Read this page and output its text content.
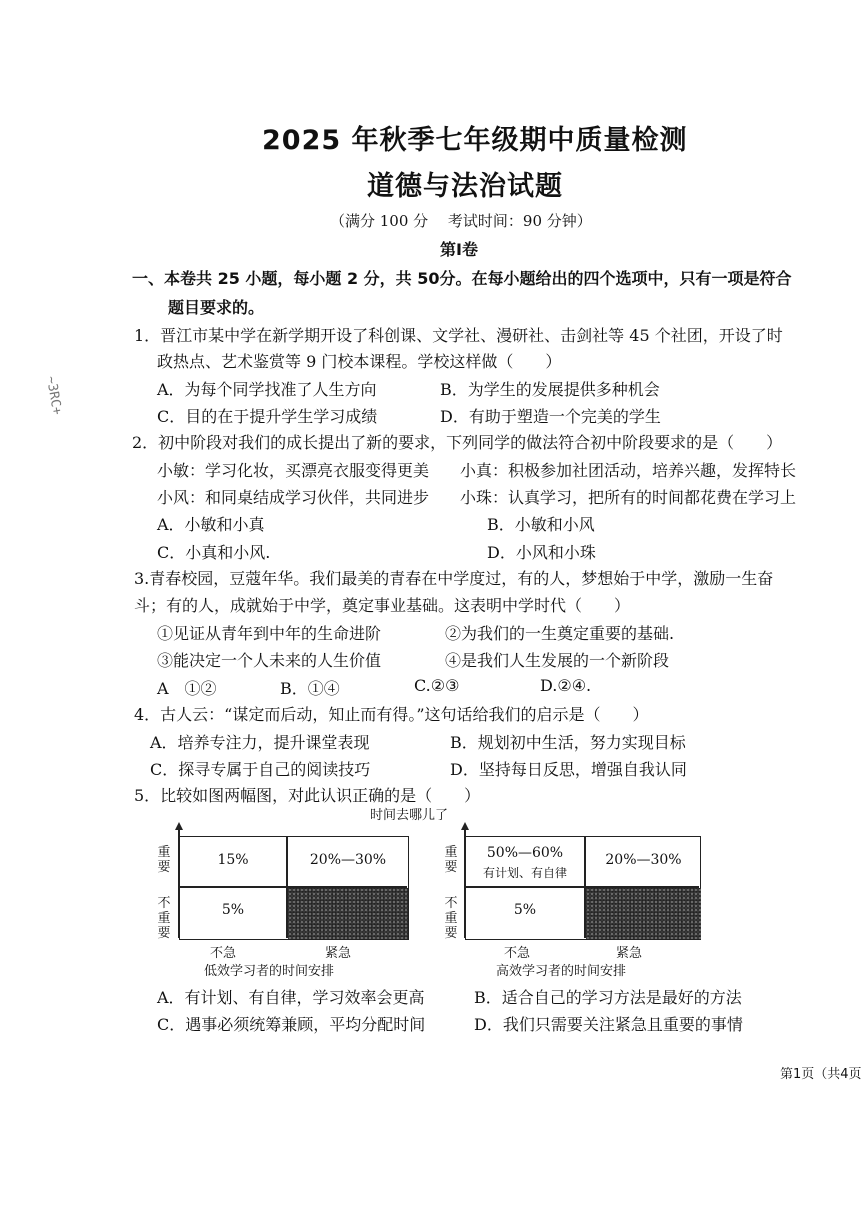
~3RC+
2025 年秋季七年级期中质量检测
道德与法治试题
（满分 100 分　 考试时间：90 分钟）
第Ⅰ卷
一、本卷共 25 小题，每小题 2 分，共 50分。在每小题给出的四个选项中，只有一项是符合
题目要求的。
1．晋江市某中学在新学期开设了科创课、文学社、漫研社、击剑社等 45 个社团，开设了时
政热点、艺术鉴赏等 9 门校本课程。学校这样做（　　）
A．为每个同学找准了人生方向	B．为学生的发展提供多种机会
C．目的在于提升学生学习成绩	D．有助于塑造一个完美的学生
2．初中阶段对我们的成长提出了新的要求，下列同学的做法符合初中阶段要求的是（　　）
小敏：学习化妆，买漂亮衣服变得更美 小真：积极参加社团活动，培养兴趣，发挥特长
小风：和同桌结成学习伙伴，共同进步 小珠：认真学习，把所有的时间都花费在学习上
A．小敏和小真	B．小敏和小风
C．小真和小风.	D．小风和小珠
3.青春校园，豆蔻年华。我们最美的青春在中学度过，有的人，梦想始于中学，激励一生奋
斗；有的人，成就始于中学，奠定事业基础。这表明中学时代（　　）
①见证从青年到中年的生命进阶	②为我们的一生奠定重要的基础.
③能决定一个人未来的人生价值	④是我们人生发展的一个新阶段
A　①②	B．①④	C.②③	D.②④.
4．古人云：“谋定而后动，知止而有得。”这句话给我们的启示是（　　）
A．培养专注力，提升课堂表现	B．规划初中生活，努力实现目标
C．探寻专属于自己的阅读技巧	D．坚持每日反思，增强自我认同
5．比较如图两幅图，对此认识正确的是（　　）
时间去哪儿了
重要
不重要
15%	20%—30%
5%
不急	紧急
低效学习者的时间安排
重要
不重要
50%—60%
有计划、有自律
20%—30%
5%
不急	紧急
高效学习者的时间安排
A．有计划、有自律，学习效率会更高	B．适合自己的学习方法是最好的方法
C．遇事必须统筹兼顾，平均分配时间	D．我们只需要关注紧急且重要的事情
第1页（共4页
